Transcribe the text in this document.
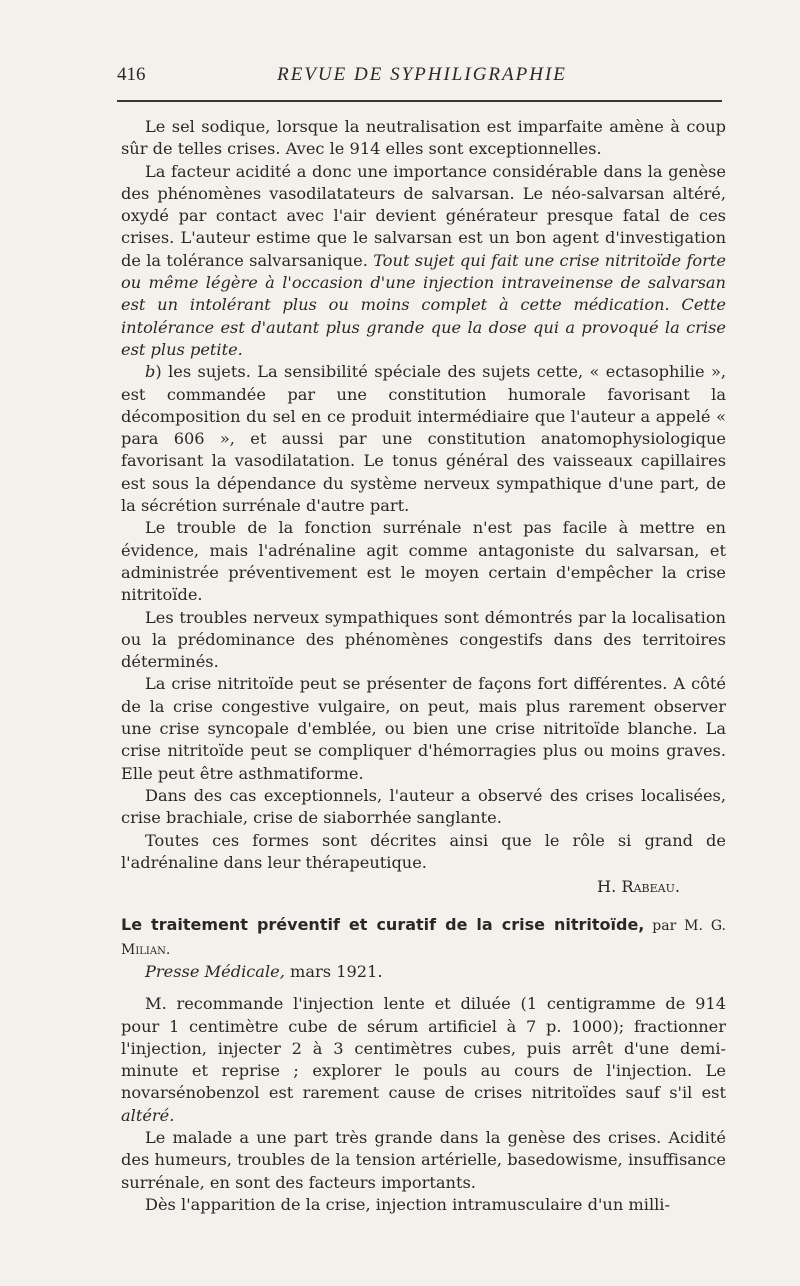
416	REVUE DE SYPHILIGRAPHIE

Le sel sodique, lorsque la neutralisation est imparfaite amène à coup sûr de telles crises. Avec le 914 elles sont exceptionnelles.

La facteur acidité a donc une importance considérable dans la genèse des phénomènes vasodilatateurs de salvarsan. Le néo-salvarsan altéré, oxydé par contact avec l'air devient générateur presque fatal de ces crises. L'auteur estime que le salvarsan est un bon agent d'investigation de la tolérance salvarsanique. Tout sujet qui fait une crise nitritoïde forte ou même légère à l'occasion d'une injection intraveinense de salvarsan est un intolérant plus ou moins complet à cette médication. Cette intolérance est d'autant plus grande que la dose qui a provoqué la crise est plus petite.

b) les sujets. La sensibilité spéciale des sujets cette, « ectasophilie », est commandée par une constitution humorale favorisant la décomposition du sel en ce produit intermédiaire que l'auteur a appelé « para 606 », et aussi par une constitution anatomophysiologique favorisant la vasodilatation. Le tonus général des vaisseaux capillaires est sous la dépendance du système nerveux sympathique d'une part, de la sécrétion surrénale d'autre part.

Le trouble de la fonction surrénale n'est pas facile à mettre en évidence, mais l'adrénaline agit comme antagoniste du salvarsan, et administrée préventivement est le moyen certain d'empêcher la crise nitritoïde.

Les troubles nerveux sympathiques sont démontrés par la localisation ou la prédominance des phénomènes congestifs dans des territoires déterminés.

La crise nitritoïde peut se présenter de façons fort différentes. A côté de la crise congestive vulgaire, on peut, mais plus rarement observer une crise syncopale d'emblée, ou bien une crise nitritoïde blanche. La crise nitritoïde peut se compliquer d'hémorragies plus ou moins graves. Elle peut être asthmatiforme.

Dans des cas exceptionnels, l'auteur a observé des crises localisées, crise brachiale, crise de siaborrhée sanglante.

Toutes ces formes sont décrites ainsi que le rôle si grand de l'adrénaline dans leur thérapeutique.

H. Rabeau.

Le traitement préventif et curatif de la crise nitritoïde, par M. G. Milian.

Presse Médicale, mars 1921.

M. recommande l'injection lente et diluée (1 centigramme de 914 pour 1 centimètre cube de sérum artificiel à 7 p. 1000); fractionner l'injection, injecter 2 à 3 centimètres cubes, puis arrêt d'une demi-minute et reprise ; explorer le pouls au cours de l'injection. Le novarsénobenzol est rarement cause de crises nitritoïdes sauf s'il est altéré.

Le malade a une part très grande dans la genèse des crises. Acidité des humeurs, troubles de la tension artérielle, basedowisme, insuffisance surrénale, en sont des facteurs importants.

Dès l'apparition de la crise, injection intramusculaire d'un milli-
